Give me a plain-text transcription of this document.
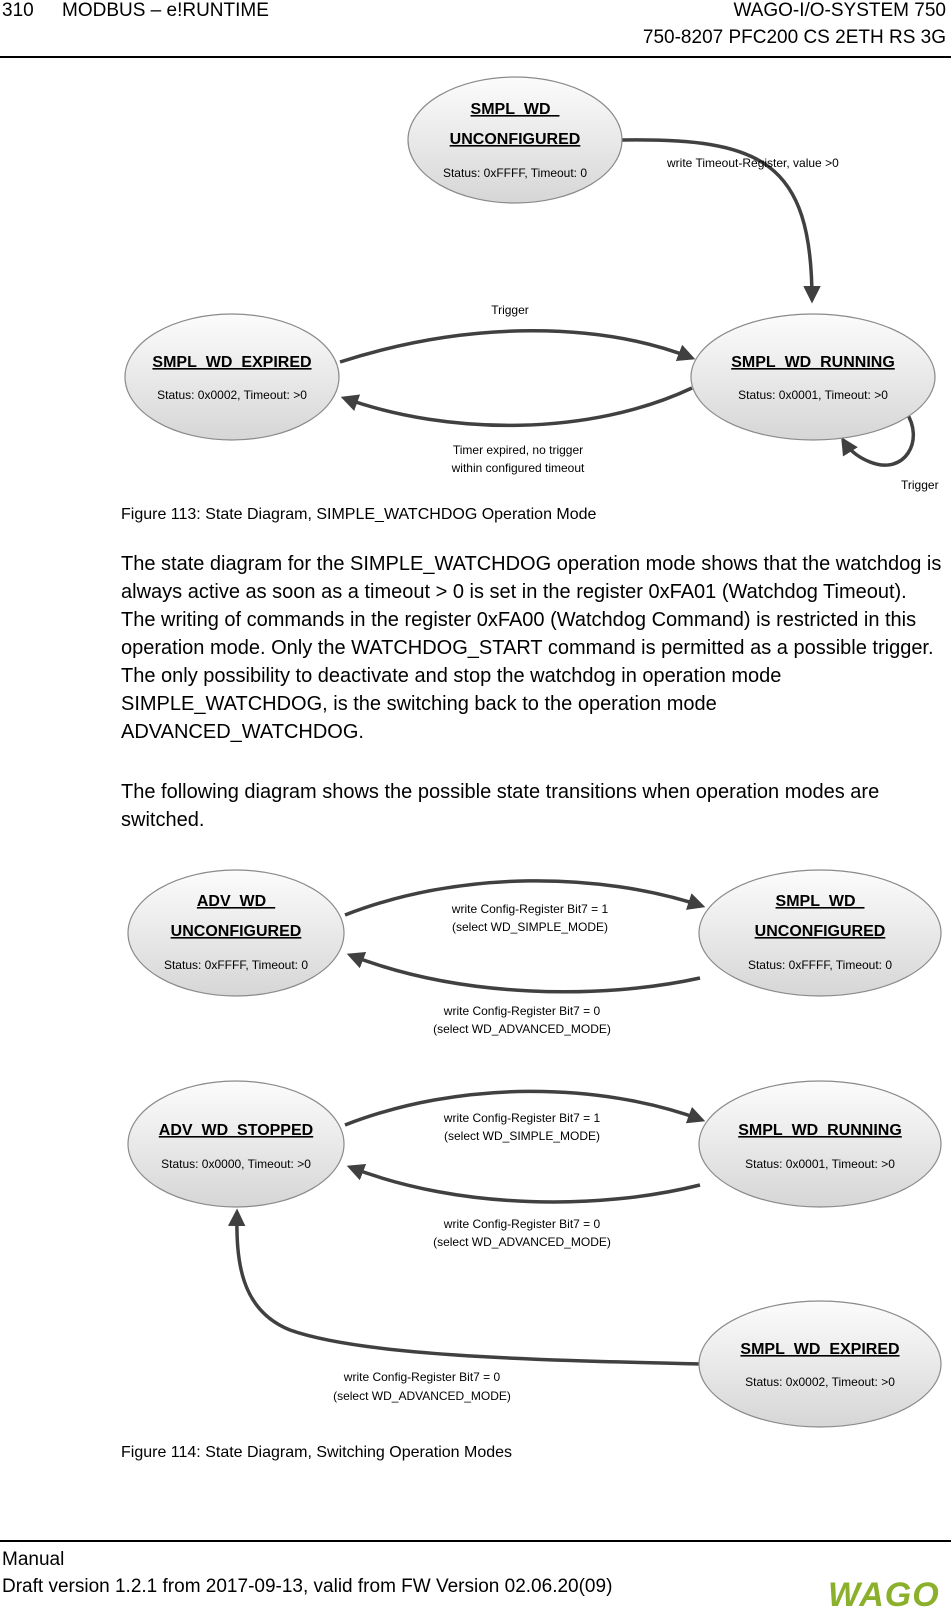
310 MODBUS – e!RUNTIME	WAGO-I/O-SYSTEM 750
750-8207 PFC200 CS 2ETH RS 3G
SMPL_WD_
UNCONFIGURED
Status: 0xFFFF, Timeout: 0
SMPL_WD_EXPIRED
Status: 0x0002, Timeout: >0
SMPL_WD_RUNNING
Status: 0x0001, Timeout: >0
write Timeout-Register, value >0
Trigger
Timer expired, no trigger
within configured timeout
Trigger
Figure 113: State Diagram, SIMPLE_WATCHDOG Operation Mode

The state diagram for the SIMPLE_WATCHDOG operation mode shows that the watchdog is always active as soon as a timeout > 0 is set in the register 0xFA01 (Watchdog Timeout). The writing of commands in the register 0xFA00 (Watchdog Command) is restricted in this operation mode. Only the WATCHDOG_START command is permitted as a possible trigger. The only possibility to deactivate and stop the watchdog in operation mode SIMPLE_WATCHDOG, is the switching back to the operation mode ADVANCED_WATCHDOG.

The following diagram shows the possible state transitions when operation modes are switched.

ADV_WD_
UNCONFIGURED
Status: 0xFFFF, Timeout: 0
SMPL_WD_
UNCONFIGURED
Status: 0xFFFF, Timeout: 0
ADV_WD_STOPPED
Status: 0x0000, Timeout: >0
SMPL_WD_RUNNING
Status: 0x0001, Timeout: >0
SMPL_WD_EXPIRED
Status: 0x0002, Timeout: >0
write Config-Register Bit7 = 1
(select WD_SIMPLE_MODE)
write Config-Register Bit7 = 0
(select WD_ADVANCED_MODE)
write Config-Register Bit7 = 1
(select WD_SIMPLE_MODE)
write Config-Register Bit7 = 0
(select WD_ADVANCED_MODE)
write Config-Register Bit7 = 0
(select WD_ADVANCED_MODE)
Figure 114: State Diagram, Switching Operation Modes
Manual
Draft version 1.2.1 from 2017-09-13, valid from FW Version 02.06.20(09)	WAGO
